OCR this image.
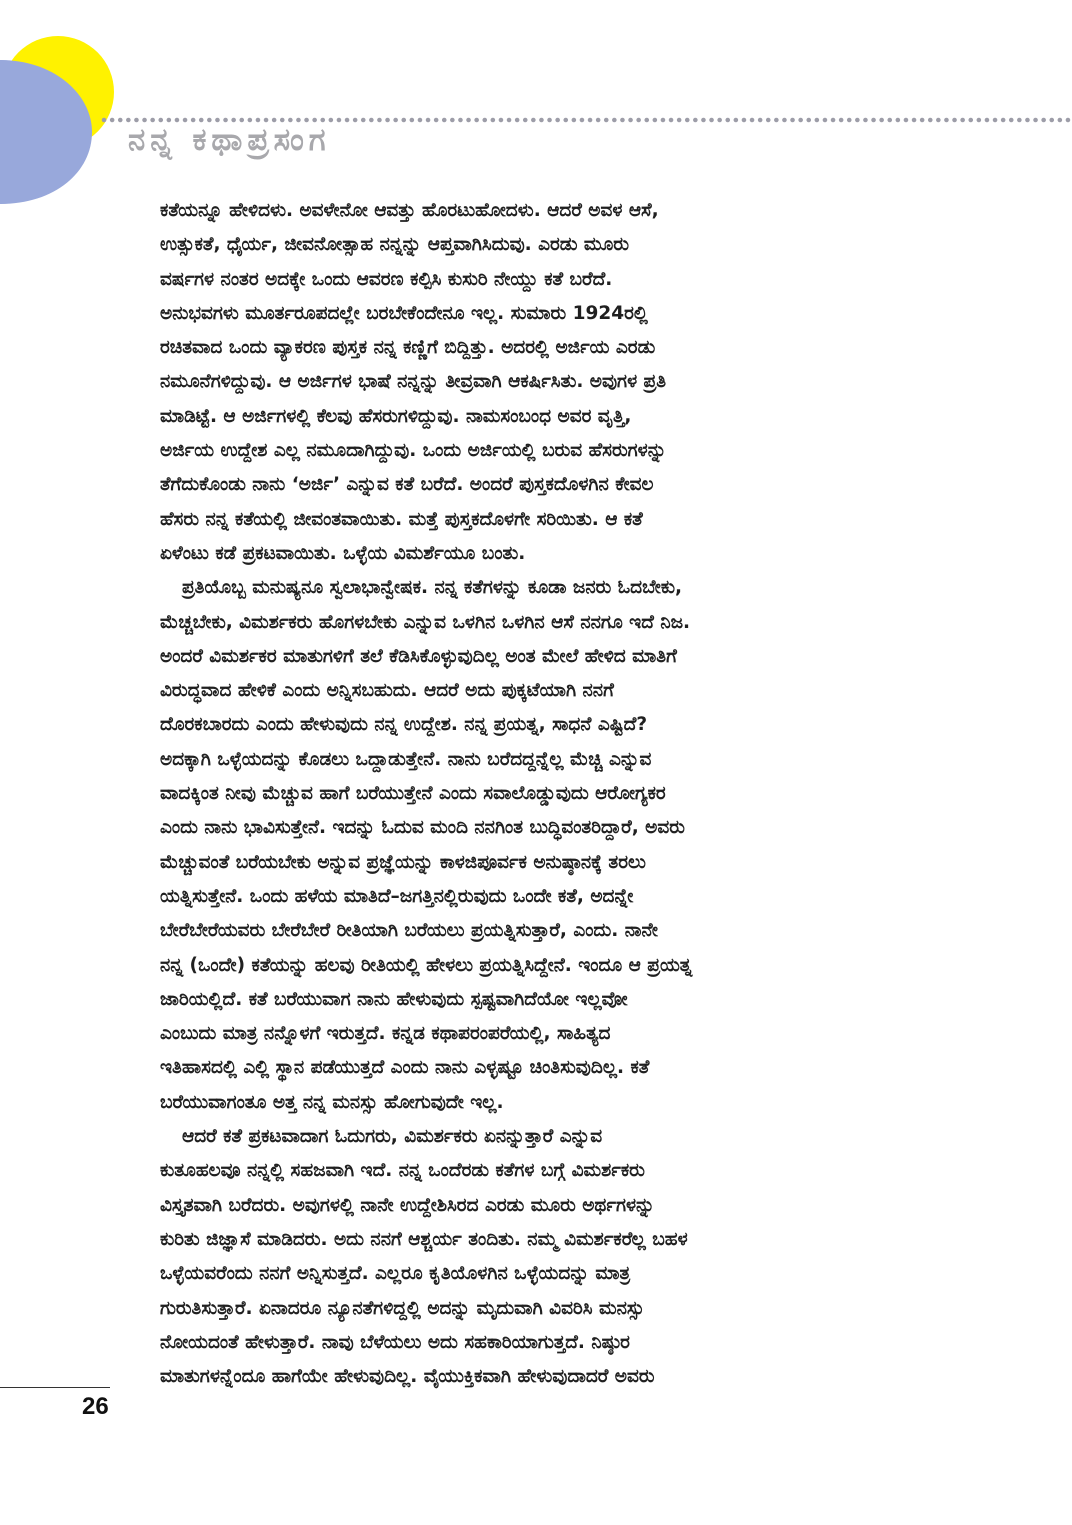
ನನ್ನ ಕಥಾಪ್ರಸಂಗ
ಕತೆಯನ್ನೂ ಹೇಳಿದಳು. ಅವಳೇನೋ ಆವತ್ತು ಹೊರಟುಹೋದಳು. ಆದರೆ ಅವಳ ಆಸೆ,
ಉತ್ಸುಕತೆ, ಧೈರ್ಯ, ಜೀವನೋತ್ಸಾಹ ನನ್ನನ್ನು ಆಪ್ತವಾಗಿಸಿದುವು. ಎರಡು ಮೂರು
ವರ್ಷಗಳ ನಂತರ ಅದಕ್ಕೇ ಒಂದು ಆವರಣ ಕಲ್ಪಿಸಿ ಕುಸುರಿ ನೇಯ್ದು ಕತೆ ಬರೆದೆ.
ಅನುಭವಗಳು ಮೂರ್ತರೂಪದಲ್ಲೇ ಬರಬೇಕೆಂದೇನೂ ಇಲ್ಲ. ಸುಮಾರು 1924ರಲ್ಲಿ
ರಚಿತವಾದ ಒಂದು ವ್ಯಾಕರಣ ಪುಸ್ತಕ ನನ್ನ ಕಣ್ಣಿಗೆ ಬಿದ್ದಿತ್ತು. ಅದರಲ್ಲಿ ಅರ್ಜಿಯ ಎರಡು
ನಮೂನೆಗಳಿದ್ದುವು. ಆ ಅರ್ಜಿಗಳ ಭಾಷೆ ನನ್ನನ್ನು ತೀವ್ರವಾಗಿ ಆಕರ್ಷಿಸಿತು. ಅವುಗಳ ಪ್ರತಿ
ಮಾಡಿಟ್ಟೆ. ಆ ಅರ್ಜಿಗಳಲ್ಲಿ ಕೆಲವು ಹೆಸರುಗಳಿದ್ದುವು. ನಾಮಸಂಬಂಧ ಅವರ ವೃತ್ತಿ,
ಅರ್ಜಿಯ ಉದ್ದೇಶ ಎಲ್ಲ ನಮೂದಾಗಿದ್ದುವು. ಒಂದು ಅರ್ಜಿಯಲ್ಲಿ ಬರುವ ಹೆಸರುಗಳನ್ನು
ತೆಗೆದುಕೊಂಡು ನಾನು ‘ಅರ್ಜಿ’ ಎನ್ನುವ ಕತೆ ಬರೆದೆ. ಅಂದರೆ ಪುಸ್ತಕದೊಳಗಿನ ಕೇವಲ
ಹೆಸರು ನನ್ನ ಕತೆಯಲ್ಲಿ ಜೀವಂತವಾಯಿತು. ಮತ್ತೆ ಪುಸ್ತಕದೊಳಗೇ ಸರಿಯಿತು. ಆ ಕತೆ
ಏಳೆಂಟು ಕಡೆ ಪ್ರಕಟವಾಯಿತು. ಒಳ್ಳೆಯ ವಿಮರ್ಶೆಯೂ ಬಂತು.
ಪ್ರತಿಯೊಬ್ಬ ಮನುಷ್ಯನೂ ಸ್ವಲಾಭಾನ್ವೇಷಕ. ನನ್ನ ಕತೆಗಳನ್ನು ಕೂಡಾ ಜನರು ಓದಬೇಕು,
ಮೆಚ್ಚಬೇಕು, ವಿಮರ್ಶಕರು ಹೊಗಳಬೇಕು ಎನ್ನುವ ಒಳಗಿನ ಒಳಗಿನ ಆಸೆ ನನಗೂ ಇದೆ ನಿಜ.
ಅಂದರೆ ವಿಮರ್ಶಕರ ಮಾತುಗಳಿಗೆ ತಲೆ ಕೆಡಿಸಿಕೊಳ್ಳುವುದಿಲ್ಲ ಅಂತ ಮೇಲೆ ಹೇಳಿದ ಮಾತಿಗೆ
ವಿರುದ್ಧವಾದ ಹೇಳಿಕೆ ಎಂದು ಅನ್ನಿಸಬಹುದು. ಆದರೆ ಅದು ಪುಕ್ಕಟೆಯಾಗಿ ನನಗೆ
ದೊರಕಬಾರದು ಎಂದು ಹೇಳುವುದು ನನ್ನ ಉದ್ದೇಶ. ನನ್ನ ಪ್ರಯತ್ನ, ಸಾಧನೆ ಎಷ್ಟಿದೆ?
ಅದಕ್ಕಾಗಿ ಒಳ್ಳೆಯದನ್ನು ಕೊಡಲು ಒದ್ದಾಡುತ್ತೇನೆ. ನಾನು ಬರೆದದ್ದನ್ನೆಲ್ಲ ಮೆಚ್ಚಿ ಎನ್ನುವ
ವಾದಕ್ಕಿಂತ ನೀವು ಮೆಚ್ಚುವ ಹಾಗೆ ಬರೆಯುತ್ತೇನೆ ಎಂದು ಸವಾಲೊಡ್ಡುವುದು ಆರೋಗ್ಯಕರ
ಎಂದು ನಾನು ಭಾವಿಸುತ್ತೇನೆ. ಇದನ್ನು ಓದುವ ಮಂದಿ ನನಗಿಂತ ಬುದ್ಧಿವಂತರಿದ್ದಾರೆ, ಅವರು
ಮೆಚ್ಚುವಂತೆ ಬರೆಯಬೇಕು ಅನ್ನುವ ಪ್ರಜ್ಞೆಯನ್ನು ಕಾಳಜಿಪೂರ್ವಕ ಅನುಷ್ಠಾನಕ್ಕೆ ತರಲು
ಯತ್ನಿಸುತ್ತೇನೆ. ಒಂದು ಹಳೆಯ ಮಾತಿದೆ–ಜಗತ್ತಿನಲ್ಲಿರುವುದು ಒಂದೇ ಕತೆ, ಅದನ್ನೇ
ಬೇರೆಬೇರೆಯವರು ಬೇರೆಬೇರೆ ರೀತಿಯಾಗಿ ಬರೆಯಲು ಪ್ರಯತ್ನಿಸುತ್ತಾರೆ, ಎಂದು. ನಾನೇ
ನನ್ನ (ಒಂದೇ) ಕತೆಯನ್ನು ಹಲವು ರೀತಿಯಲ್ಲಿ ಹೇಳಲು ಪ್ರಯತ್ನಿಸಿದ್ದೇನೆ. ಇಂದೂ ಆ ಪ್ರಯತ್ನ
ಜಾರಿಯಲ್ಲಿದೆ. ಕತೆ ಬರೆಯುವಾಗ ನಾನು ಹೇಳುವುದು ಸ್ಪಷ್ಟವಾಗಿದೆಯೋ ಇಲ್ಲವೋ
ಎಂಬುದು ಮಾತ್ರ ನನ್ನೊಳಗೆ ಇರುತ್ತದೆ. ಕನ್ನಡ ಕಥಾಪರಂಪರೆಯಲ್ಲಿ, ಸಾಹಿತ್ಯದ
ಇತಿಹಾಸದಲ್ಲಿ ಎಲ್ಲಿ ಸ್ಥಾನ ಪಡೆಯುತ್ತದೆ ಎಂದು ನಾನು ಎಳ್ಳಷ್ಟೂ ಚಿಂತಿಸುವುದಿಲ್ಲ. ಕತೆ
ಬರೆಯುವಾಗಂತೂ ಅತ್ತ ನನ್ನ ಮನಸ್ಸು ಹೋಗುವುದೇ ಇಲ್ಲ.
ಆದರೆ ಕತೆ ಪ್ರಕಟವಾದಾಗ ಓದುಗರು, ವಿಮರ್ಶಕರು ಏನನ್ನುತ್ತಾರೆ ಎನ್ನುವ
ಕುತೂಹಲವೂ ನನ್ನಲ್ಲಿ ಸಹಜವಾಗಿ ಇದೆ. ನನ್ನ ಒಂದೆರಡು ಕತೆಗಳ ಬಗ್ಗೆ ವಿಮರ್ಶಕರು
ವಿಸ್ತೃತವಾಗಿ ಬರೆದರು. ಅವುಗಳಲ್ಲಿ ನಾನೇ ಉದ್ದೇಶಿಸಿರದ ಎರಡು ಮೂರು ಅರ್ಥಗಳನ್ನು
ಕುರಿತು ಜಿಜ್ಞಾಸೆ ಮಾಡಿದರು. ಅದು ನನಗೆ ಆಶ್ಚರ್ಯ ತಂದಿತು. ನಮ್ಮ ವಿಮರ್ಶಕರೆಲ್ಲ ಬಹಳ
ಒಳ್ಳೆಯವರೆಂದು ನನಗೆ ಅನ್ನಿಸುತ್ತದೆ. ಎಲ್ಲರೂ ಕೃತಿಯೊಳಗಿನ ಒಳ್ಳೆಯದನ್ನು ಮಾತ್ರ
ಗುರುತಿಸುತ್ತಾರೆ. ಏನಾದರೂ ನ್ಯೂನತೆಗಳಿದ್ದಲ್ಲಿ ಅದನ್ನು ಮೃದುವಾಗಿ ವಿವರಿಸಿ ಮನಸ್ಸು
ನೋಯದಂತೆ ಹೇಳುತ್ತಾರೆ. ನಾವು ಬೆಳೆಯಲು ಅದು ಸಹಕಾರಿಯಾಗುತ್ತದೆ. ನಿಷ್ಠುರ
ಮಾತುಗಳನ್ನೆಂದೂ ಹಾಗೆಯೇ ಹೇಳುವುದಿಲ್ಲ. ವೈಯುಕ್ತಿಕವಾಗಿ ಹೇಳುವುದಾದರೆ ಅವರು
26
